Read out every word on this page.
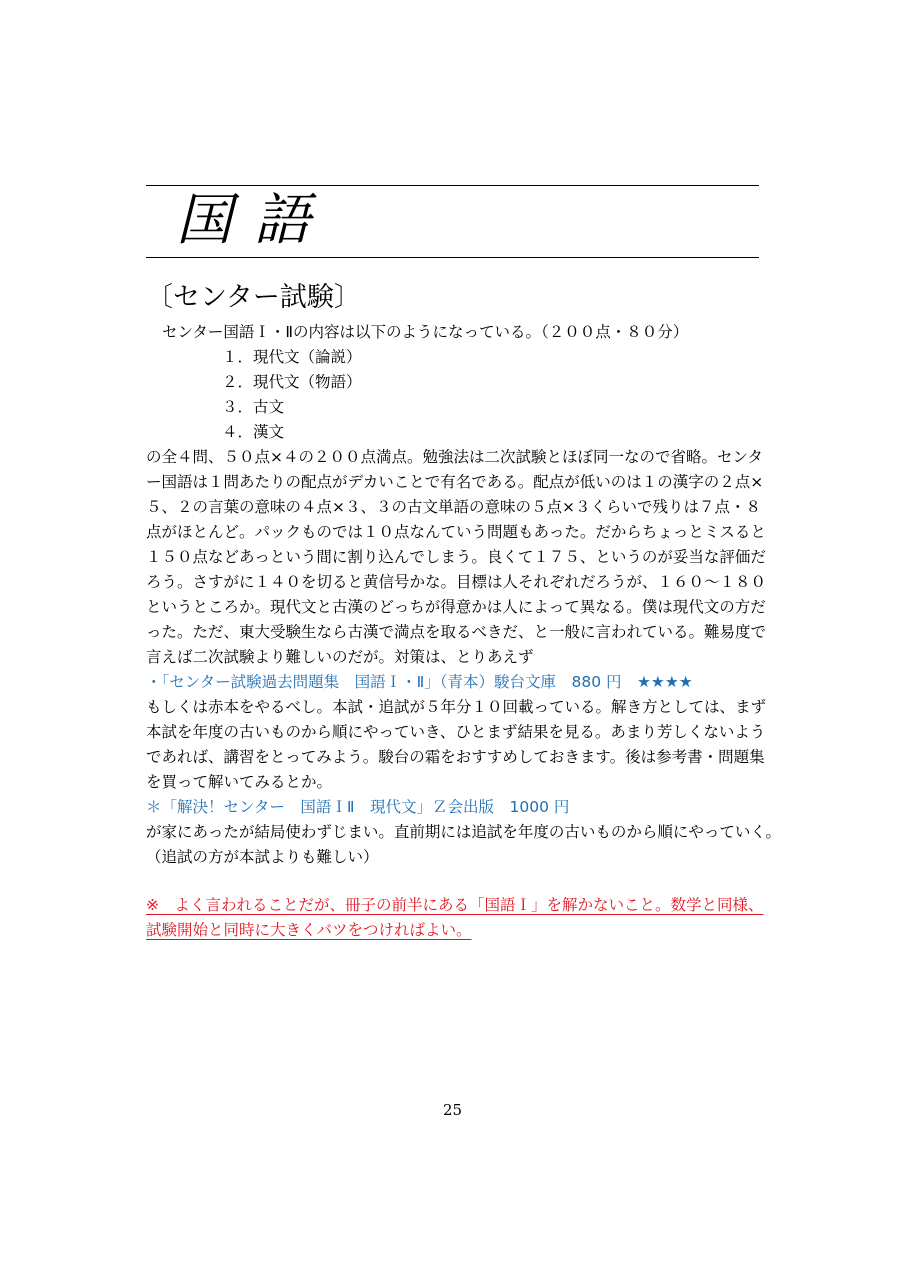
国語
〔センター試験〕
センター国語Ｉ・Ⅱの内容は以下のようになっている。（２００点・８０分）
１．現代文（論説）
２．現代文（物語）
３．古文
４．漢文
の全４問、５０点×４の２００点満点。勉強法は二次試験とほぼ同一なので省略。センタ
ー国語は１問あたりの配点がデカいことで有名である。配点が低いのは１の漢字の２点×
５、２の言葉の意味の４点×３、３の古文単語の意味の５点×３くらいで残りは７点・８
点がほとんど。パックものでは１０点なんていう問題もあった。だからちょっとミスると
１５０点などあっという間に割り込んでしまう。良くて１７５、というのが妥当な評価だ
ろう。さすがに１４０を切ると黄信号かな。目標は人それぞれだろうが、１６０～１８０
というところか。現代文と古漢のどっちが得意かは人によって異なる。僕は現代文の方だ
った。ただ、東大受験生なら古漢で満点を取るべきだ、と一般に言われている。難易度で
言えば二次試験より難しいのだが。対策は、とりあえず
・「センター試験過去問題集　国語Ｉ・Ⅱ」（青本）駿台文庫　880 円　★★★★
もしくは赤本をやるべし。本試・追試が５年分１０回載っている。解き方としては、まず
本試を年度の古いものから順にやっていき、ひとまず結果を見る。あまり芳しくないよう
であれば、講習をとってみよう。駿台の霜をおすすめしておきます。後は参考書・問題集
を買って解いてみるとか。
＊「解決！センター　国語ＩⅡ　現代文」Ｚ会出版　1000 円
が家にあったが結局使わずじまい。直前期には追試を年度の古いものから順にやっていく。
（追試の方が本試よりも難しい）
※　よく言われることだが、冊子の前半にある「国語Ｉ」を解かないこと。数学と同様、
試験開始と同時に大きくバツをつければよい。
25
